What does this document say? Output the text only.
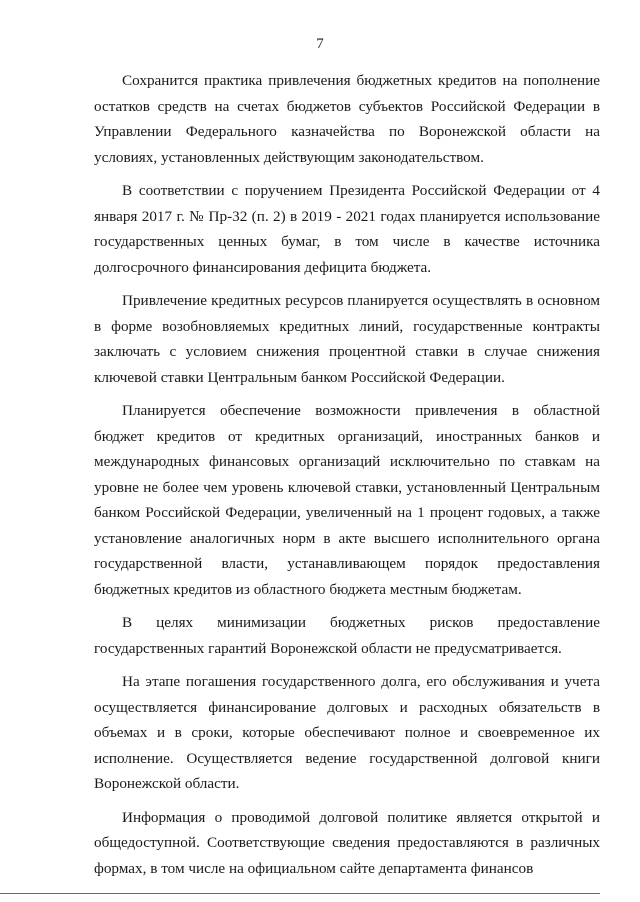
7

Сохранится практика привлечения бюджетных кредитов на пополнение остатков средств на счетах бюджетов субъектов Российской Федерации в Управлении Федерального казначейства по Воронежской области на условиях, установленных действующим законодательством.

В соответствии с поручением Президента Российской Федерации от 4 января 2017 г. № Пр-32 (п. 2) в 2019 - 2021 годах планируется использование государственных ценных бумаг, в том числе в качестве источника долгосрочного финансирования дефицита бюджета.

Привлечение кредитных ресурсов планируется осуществлять в основном в форме возобновляемых кредитных линий, государственные контракты заключать с условием снижения процентной ставки в случае снижения ключевой ставки Центральным банком Российской Федерации.

Планируется обеспечение возможности привлечения в областной бюджет кредитов от кредитных организаций, иностранных банков и международных финансовых организаций исключительно по ставкам на уровне не более чем уровень ключевой ставки, установленный Центральным банком Российской Федерации, увеличенный на 1 процент годовых, а также установление аналогичных норм в акте высшего исполнительного органа государственной власти, устанавливающем порядок предоставления бюджетных кредитов из областного бюджета местным бюджетам.

В целях минимизации бюджетных рисков предоставление государственных гарантий Воронежской области не предусматривается.

На этапе погашения государственного долга, его обслуживания и учета осуществляется финансирование долговых и расходных обязательств в объемах и в сроки, которые обеспечивают полное и своевременное их исполнение. Осуществляется ведение государственной долговой книги Воронежской области.

Информация о проводимой долговой политике является открытой и общедоступной. Соответствующие сведения предоставляются в различных формах, в том числе на официальном сайте департамента финансов
